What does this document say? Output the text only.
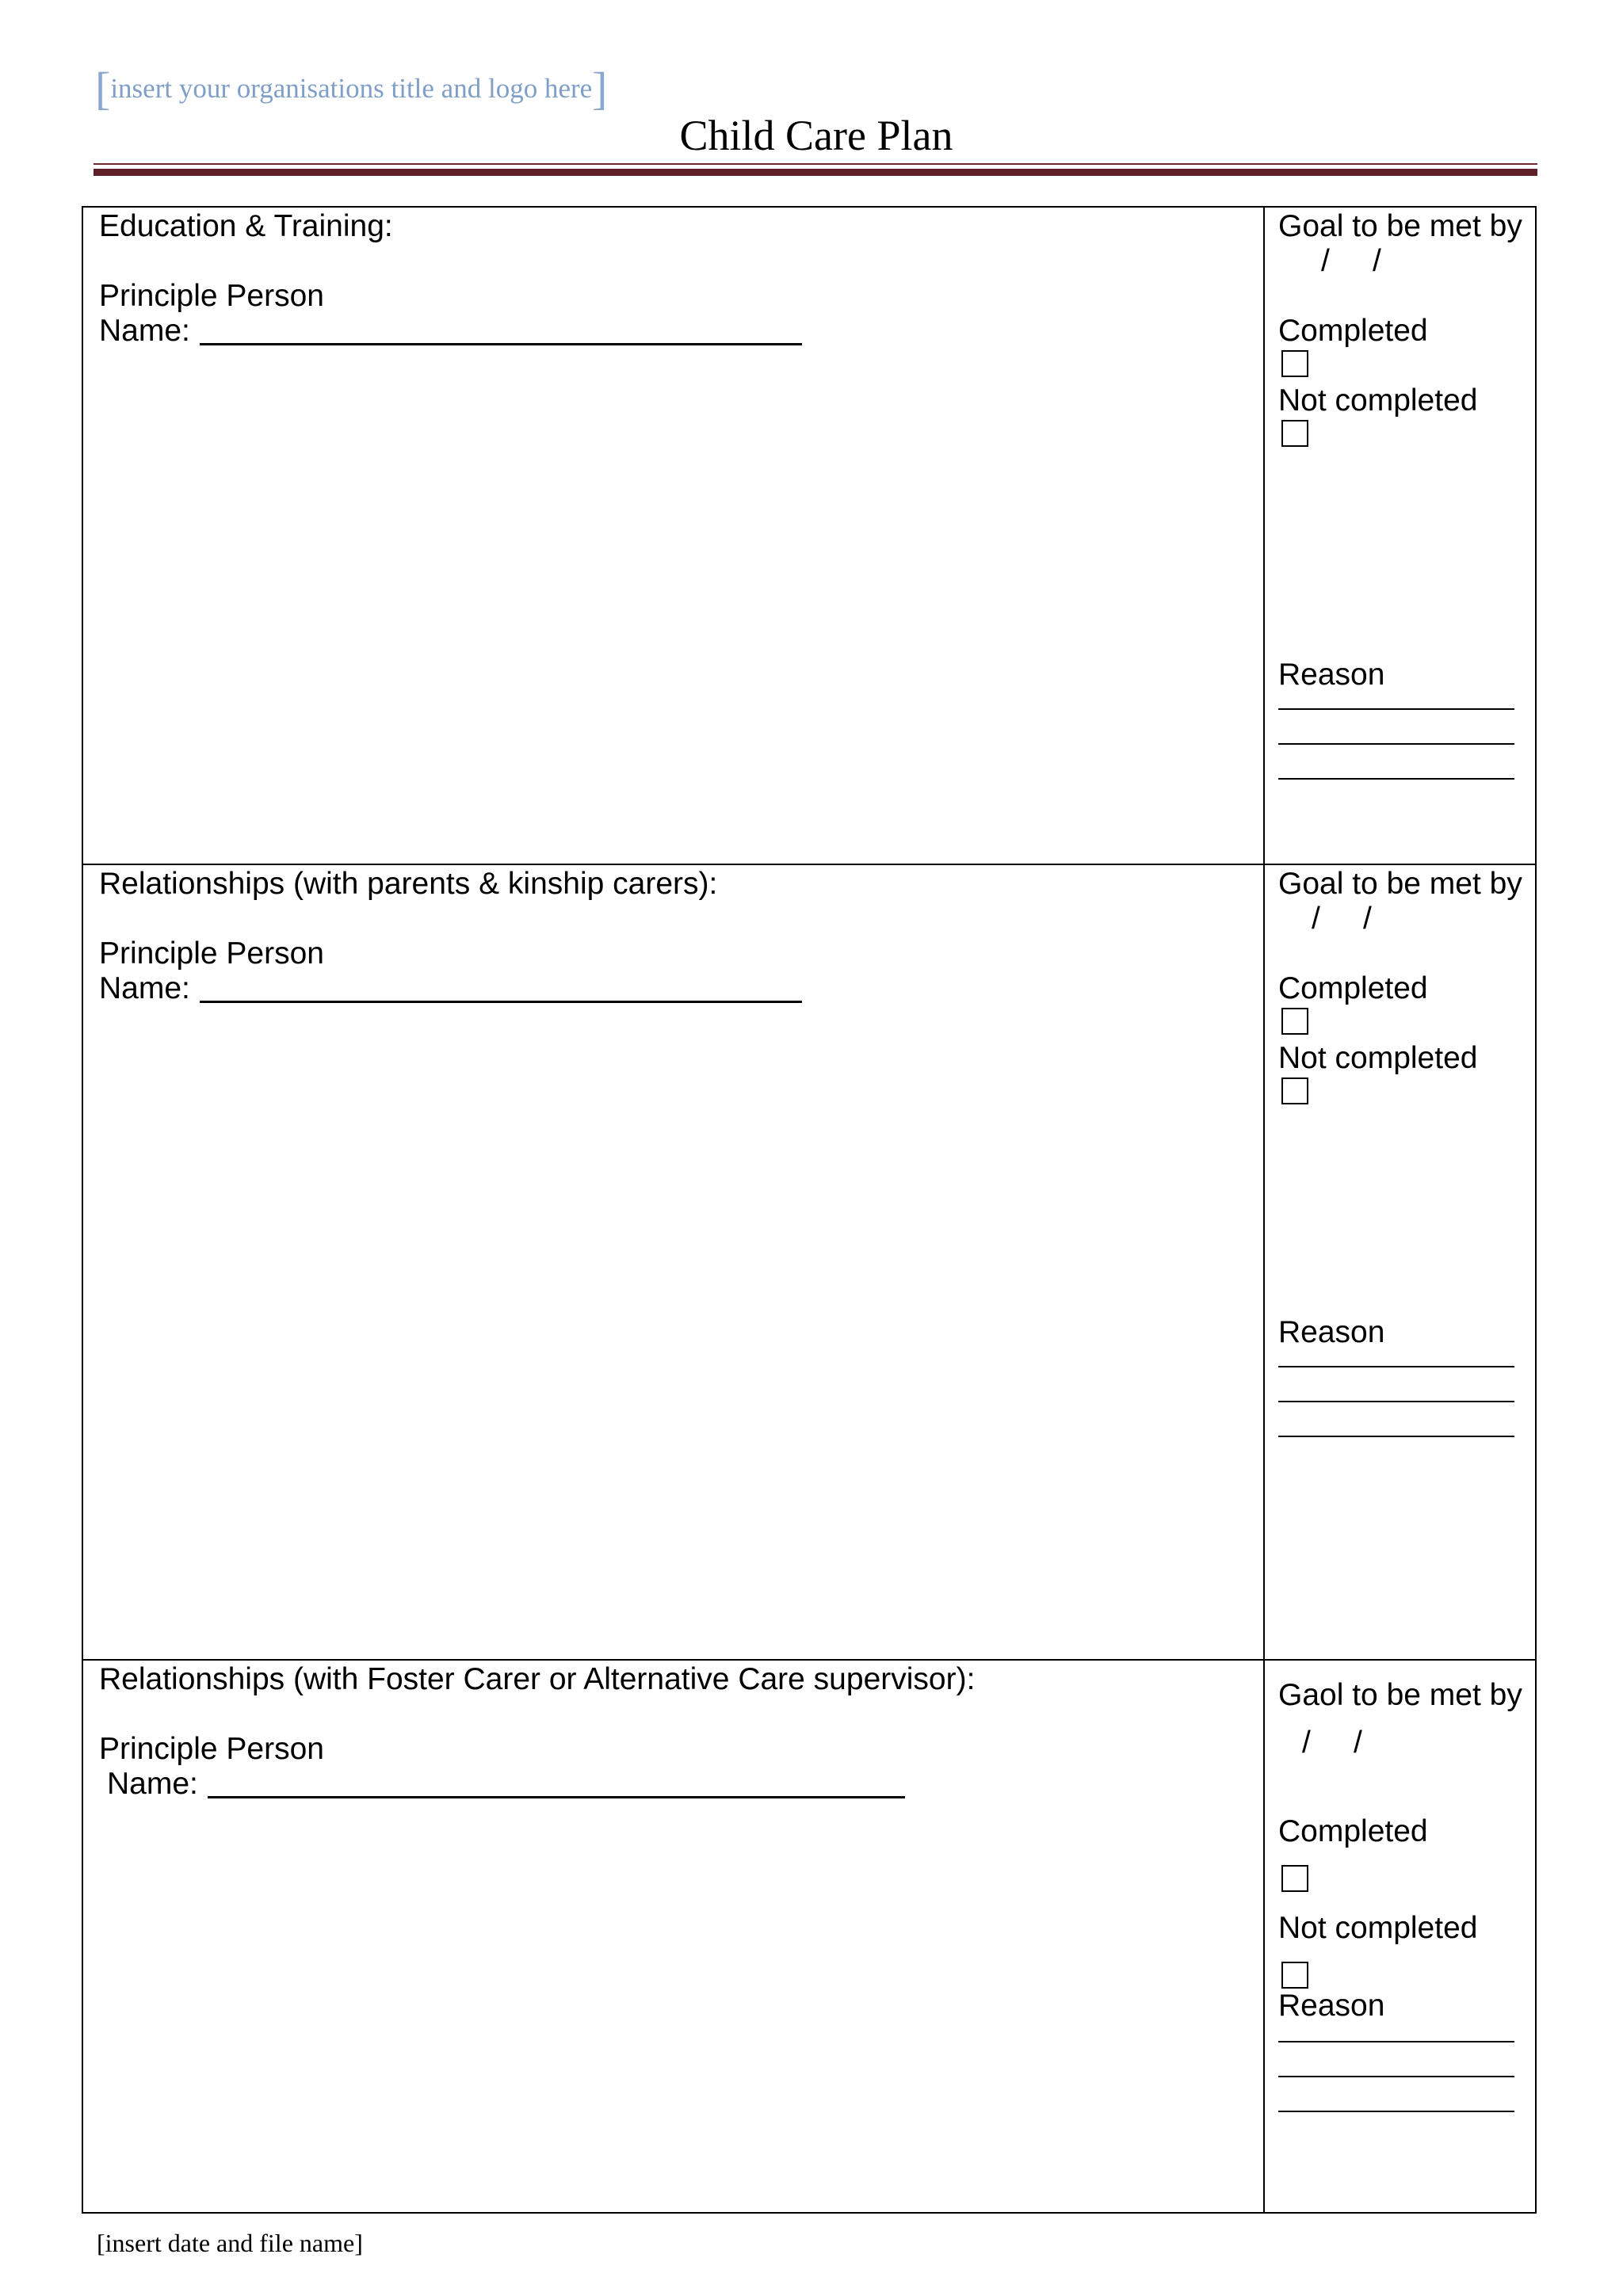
[insert your organisations title and logo here]
Child Care Plan
Education & Training:
Principle Person
Name:
Goal to be met by
/     /
Completed
Not completed
Reason
Relationships (with parents & kinship carers):
Principle Person
Name:
Goal to be met by
/     /
Completed
Not completed
Reason
Relationships (with Foster Carer or Alternative Care supervisor):
Principle Person
Name:
Gaol to be met by
/     /
Completed
Not completed
Reason
[insert date and file name]
